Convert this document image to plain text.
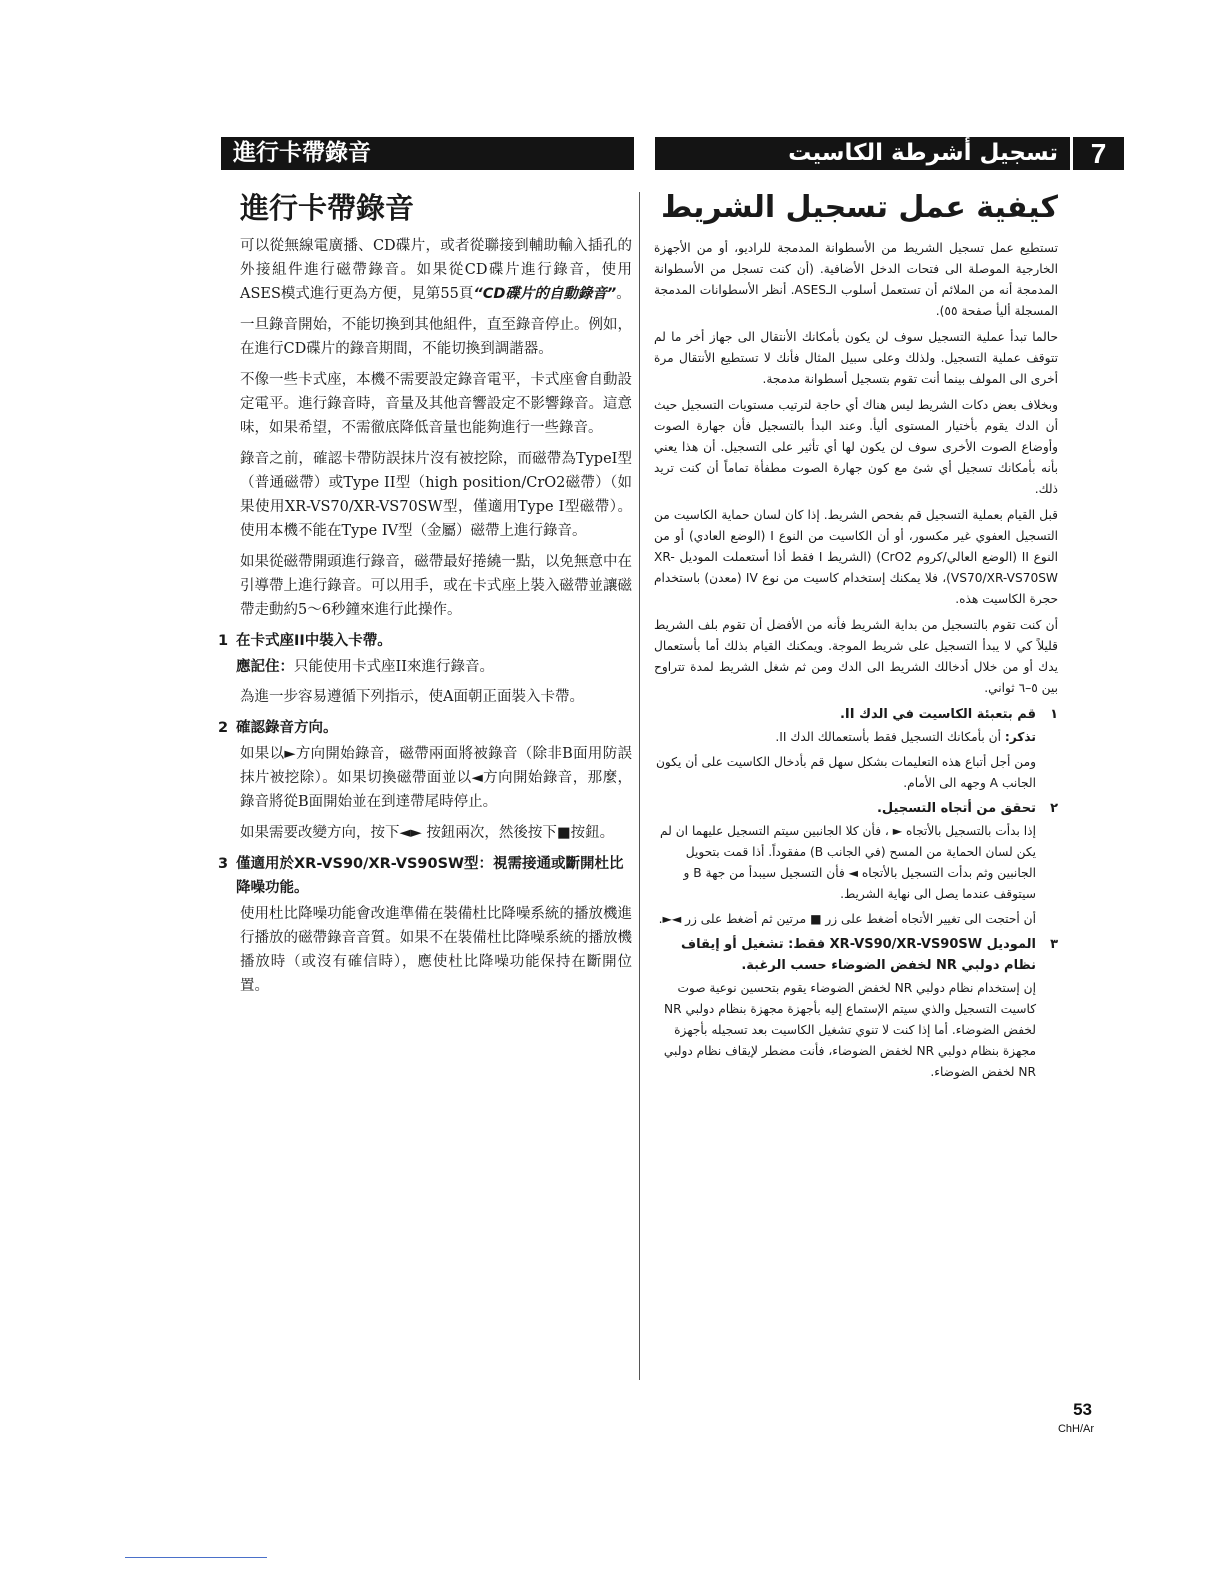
進行卡帶錄音	تسجيل أشرطة الكاسيت	7
進行卡帶錄音

可以從無線電廣播、CD碟片，或者從聯接到輔助輸入插孔的外接組件進行磁帶錄音。如果從CD碟片進行錄音，使用ASES模式進行更為方便，見第55頁“CD碟片的自動錄音”。

一旦錄音開始，不能切換到其他組件，直至錄音停止。例如，在進行CD碟片的錄音期間，不能切換到調諧器。

不像一些卡式座，本機不需要設定錄音電平，卡式座會自動設定電平。進行錄音時，音量及其他音響設定不影響錄音。這意味，如果希望，不需徹底降低音量也能夠進行一些錄音。

錄音之前，確認卡帶防誤抹片沒有被挖除，而磁帶為TypeI型（普通磁帶）或Type II型（high position/CrO2磁帶）（如果使用XR-VS70/XR-VS70SW型，僅適用Type I型磁帶）。使用本機不能在Type IV型（金屬）磁帶上進行錄音。

如果從磁帶開頭進行錄音，磁帶最好捲繞一點，以免無意中在引導帶上進行錄音。可以用手，或在卡式座上裝入磁帶並讓磁帶走動約5～6秒鐘來進行此操作。

1 在卡式座II中裝入卡帶。

應記住：只能使用卡式座II來進行錄音。

為進一步容易遵循下列指示，使A面朝正面裝入卡帶。

2 確認錄音方向。

如果以►方向開始錄音，磁帶兩面將被錄音（除非B面用防誤抹片被挖除）。如果切換磁帶面並以◄方向開始錄音，那麼，錄音將從B面開始並在到達帶尾時停止。

如果需要改變方向，按下◄► 按鈕兩次，然後按下■按鈕。

3 僅適用於XR-VS90/XR-VS90SW型：視需接通或斷開杜比降噪功能。

使用杜比降噪功能會改進準備在裝備杜比降噪系統的播放機進行播放的磁帶錄音音質。如果不在裝備杜比降噪系統的播放機播放時（或沒有確信時），應使杜比降噪功能保持在斷開位置。

كيفية عمل تسجيل الشريط

تستطيع عمل تسجيل الشريط من الأسطوانة المدمجة للراديو، أو من الأجهزة الخارجية الموصلة الى فتحات الدخل الأضافية. (أن كنت تسجل من الأسطوانة المدمجة أنه من الملائم أن تستعمل أسلوب الـASES. أنظر الأسطوانات المدمجة المسجلة أليأ صفحة ٥٥).

حالما تبدأ عملية التسجيل سوف لن يكون بأمكانك الأنتقال الى جهاز أخر ما لم تتوقف عملية التسجيل. ولذلك وعلى سبيل المثال فأنك لا تستطيع الأنتقال مرة أخرى الى المولف بينما أنت تقوم بتسجيل أسطوانة مدمجة.

وبخلاف بعض دكات الشريط ليس هناك أي حاجة لترتيب مستويات التسجيل حيث أن الدك يقوم بأختيار المستوى أليأ. وعند البدأ بالتسجيل فأن جهارة الصوت وأوضاع الصوت الأخرى سوف لن يكون لها أي تأثير على التسجيل. أن هذا يعني بأنه بأمكانك تسجيل أي شئ مع كون جهارة الصوت مطفأة تماماً أن كنت تريد ذلك.

قبل القيام بعملية التسجيل قم بفحص الشريط. إذا كان لسان حماية الكاسيت من التسجيل العفوي غير مكسور، أو أن الكاسيت من النوع I (الوضع العادي) أو من النوع II (الوضع العالي/كروم CrO2) (الشريط I فقط أذا أستعملت الموديل XR-VS70/XR-VS70SW)، فلا يمكنك إستخدام كاسيت من نوع IV (معدن) باستخدام حجرة الكاسيت هذه.

أن كنت تقوم بالتسجيل من بداية الشريط فأنه من الأفضل أن تقوم بلف الشريط قليلاً كي لا يبدأ التسجيل على شريط الموجة. ويمكنك القيام بذلك أما بأستعمال يدك أو من خلال أدخالك الشريط الى الدك ومن ثم شغل الشريط لمدة تتراوح بين ٥–٦ ثواني.

١
قم بتعبئة الكاسيت في الدك II.

تذكر: أن بأمكانك التسجيل فقط بأستعمالك الدك II.

ومن أجل أتباع هذه التعليمات بشكل سهل قم بأدخال الكاسيت على أن يكون الجانب A وجهه الى الأمام.

٢
تحقق من أتجاه التسجيل.

إذا بدأت بالتسجيل بالأتجاه ► ، فأن كلا الجانبين سيتم التسجيل عليهما ان لم يكن لسان الحماية من المسح (في الجانب B) مفقوداً. أذا قمت بتحويل الجانبين وثم بدأت التسجيل بالأتجاه ◄ فأن التسجيل سيبدأ من جهة B و سيتوقف عندما يصل الى نهاية الشريط.

أن أحتجت الى تغيير الأتجاه أضغط على زر ■ مرتين ثم أضغط على زر ◄►.

٣
الموديل XR-VS90/XR-VS90SW فقط: تشغيل أو إيقاف نظام دولبي NR لخفض الضوضاء حسب الرغبة.

إن إستخدام نظام دولبي NR لخفض الضوضاء يقوم بتحسين نوعية صوت كاسيت التسجيل والذي سيتم الإستماع إليه بأجهزة مجهزة بنظام دولبي NR لخفض الضوضاء. أما إذا كنت لا تنوي تشغيل الكاسيت بعد تسجيله بأجهزة مجهزة بنظام دولبي NR لخفض الضوضاء، فأنت مضطر لإيقاف نظام دولبي NR لخفض الضوضاء.

53
ChH/Ar
